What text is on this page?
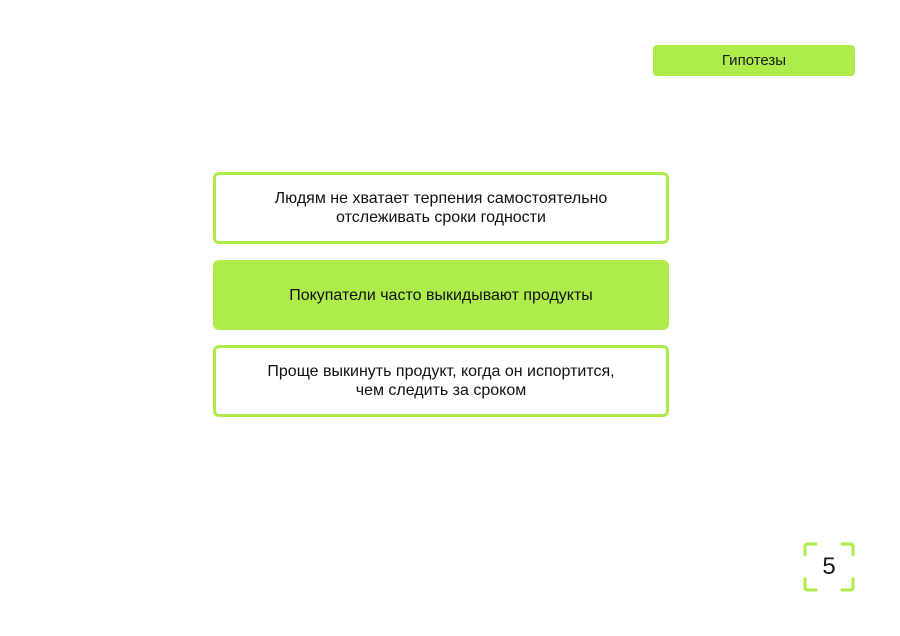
Гипотезы
Людям не хватает терпения самостоятельно
отслеживать сроки годности
Покупатели часто выкидывают продукты
Проще выкинуть продукт, когда он испортится,
чем следить за сроком
5
